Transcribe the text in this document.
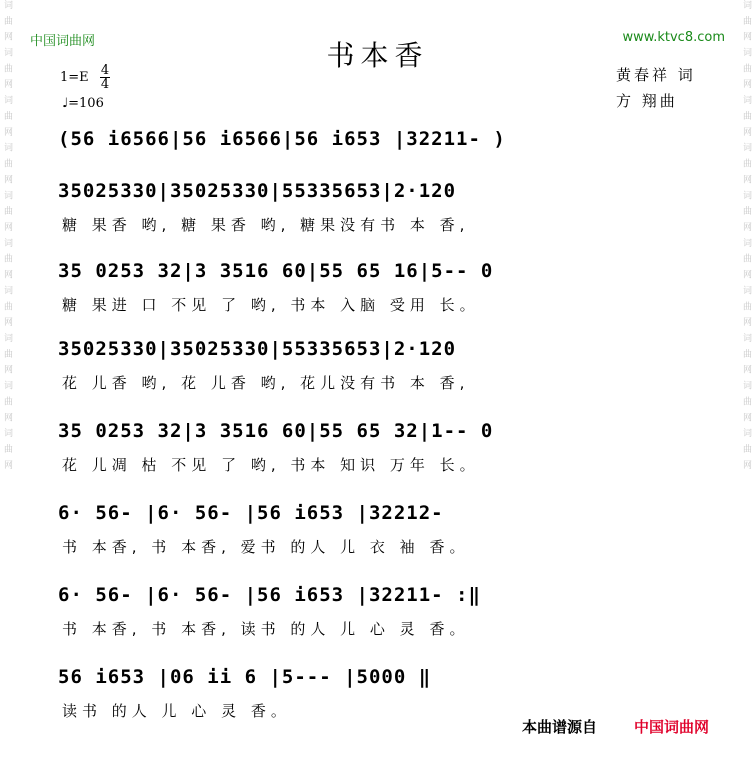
词 曲 网 词 曲 网 词 曲 网 词 曲 网 词 曲 网 词 曲 网 词 曲 网 词 曲 网 词 曲 网 词 曲 网	词 曲 网 词 曲 网 词 曲 网 词 曲 网 词 曲 网 词 曲 网 词 曲 网 词 曲 网 词 曲 网 词 曲 网
中国词曲网	www.ktvc8.com
书本香
1=E 4
4
♩=106
黄春祥 词
方 翔曲
(56 i6566|56 i6566|56 i653 |32211- )
35025330|35025330|55335653|2·120
糖 果香 哟, 糖 果香 哟, 糖果没有书 本 香,
35 0253 32|3 3516 60|55 65 16|5-- 0
糖 果进 口 不见 了 哟, 书本 入脑 受用 长。
35025330|35025330|55335653|2·120
花 儿香 哟, 花 儿香 哟, 花儿没有书 本 香,
35 0253 32|3 3516 60|55 65 32|1-- 0
花 儿凋 枯 不见 了 哟, 书本 知识 万年 长。
6· 56- |6· 56- |56 i653 |32212-
书 本香, 书 本香, 爱书 的人 儿 衣 袖 香。
6· 56- |6· 56- |56 i653 |32211- :‖
书 本香, 书 本香, 读书 的人 儿 心 灵 香。
56 i653 |06 ii 6 |5--- |5000 ‖
读书 的人 儿 心 灵 香。
本曲谱源自 中国词曲网
